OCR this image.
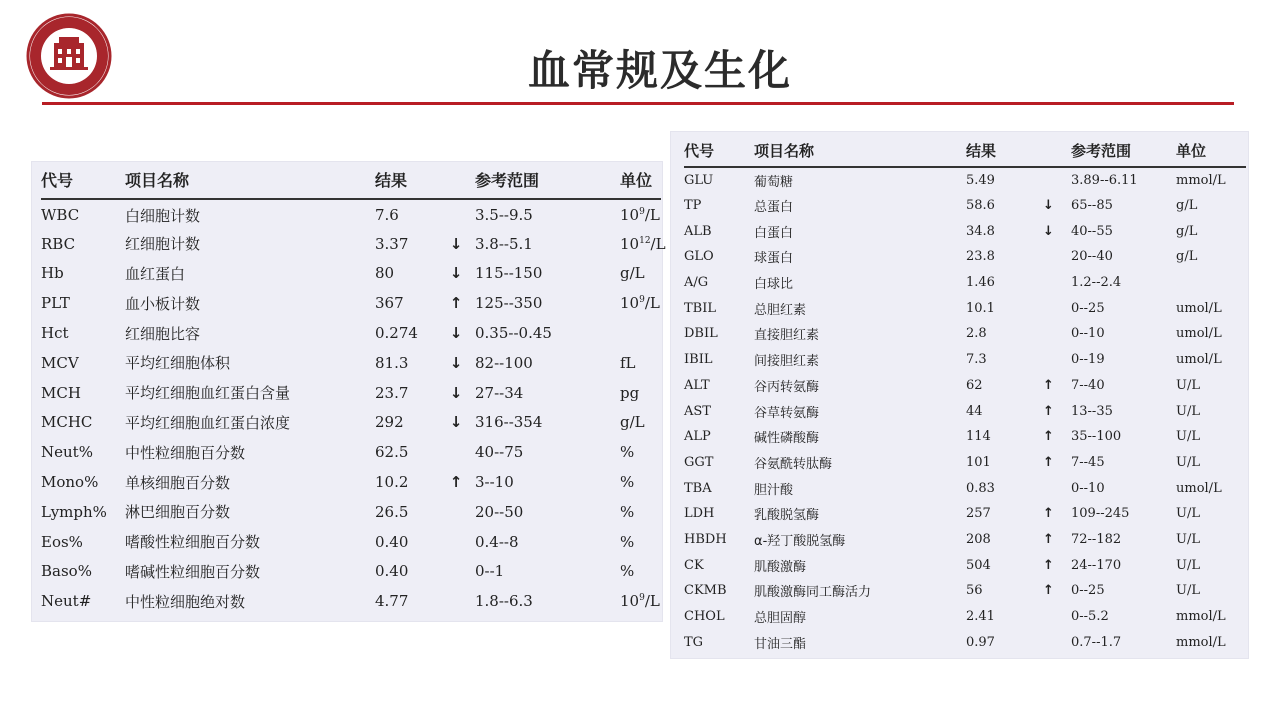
血常规及生化
代号	项目名称	结果		参考范围	单位
WBC	白细胞计数	7.6		3.5--9.5	$10^9/L$
RBC	红细胞计数	3.37	↓	3.8--5.1	$10^{12}/L$
Hb	血红蛋白	80	↓	115--150	g/L
PLT	血小板计数	367	↑	125--350	$10^9/L$
Hct	红细胞比容	0.274	↓	0.35--0.45	
MCV	平均红细胞体积	81.3	↓	82--100	fL
MCH	平均红细胞血红蛋白含量	23.7	↓	27--34	pg
MCHC	平均红细胞血红蛋白浓度	292	↓	316--354	g/L
Neut%	中性粒细胞百分数	62.5		40--75	%
Mono%	单核细胞百分数	10.2	↑	3--10	%
Lymph%	淋巴细胞百分数	26.5		20--50	%
Eos%	嗜酸性粒细胞百分数	0.40		0.4--8	%
Baso%	嗜碱性粒细胞百分数	0.40		0--1	%
Neut#	中性粒细胞绝对数	4.77		1.8--6.3	$10^9/L$
代号	项目名称	结果		参考范围	单位
GLU	葡萄糖	5.49		3.89--6.11	mmol/L
TP	总蛋白	58.6	↓	65--85	g/L
ALB	白蛋白	34.8	↓	40--55	g/L
GLO	球蛋白	23.8		20--40	g/L
A/G	白球比	1.46		1.2--2.4	
TBIL	总胆红素	10.1		0--25	umol/L
DBIL	直接胆红素	2.8		0--10	umol/L
IBIL	间接胆红素	7.3		0--19	umol/L
ALT	谷丙转氨酶	62	↑	7--40	U/L
AST	谷草转氨酶	44	↑	13--35	U/L
ALP	碱性磷酸酶	114	↑	35--100	U/L
GGT	谷氨酰转肽酶	101	↑	7--45	U/L
TBA	胆汁酸	0.83		0--10	umol/L
LDH	乳酸脱氢酶	257	↑	109--245	U/L
HBDH	α-羟丁酸脱氢酶	208	↑	72--182	U/L
CK	肌酸激酶	504	↑	24--170	U/L
CKMB	肌酸激酶同工酶活力	56	↑	0--25	U/L
CHOL	总胆固醇	2.41		0--5.2	mmol/L
TG	甘油三酯	0.97		0.7--1.7	mmol/L
